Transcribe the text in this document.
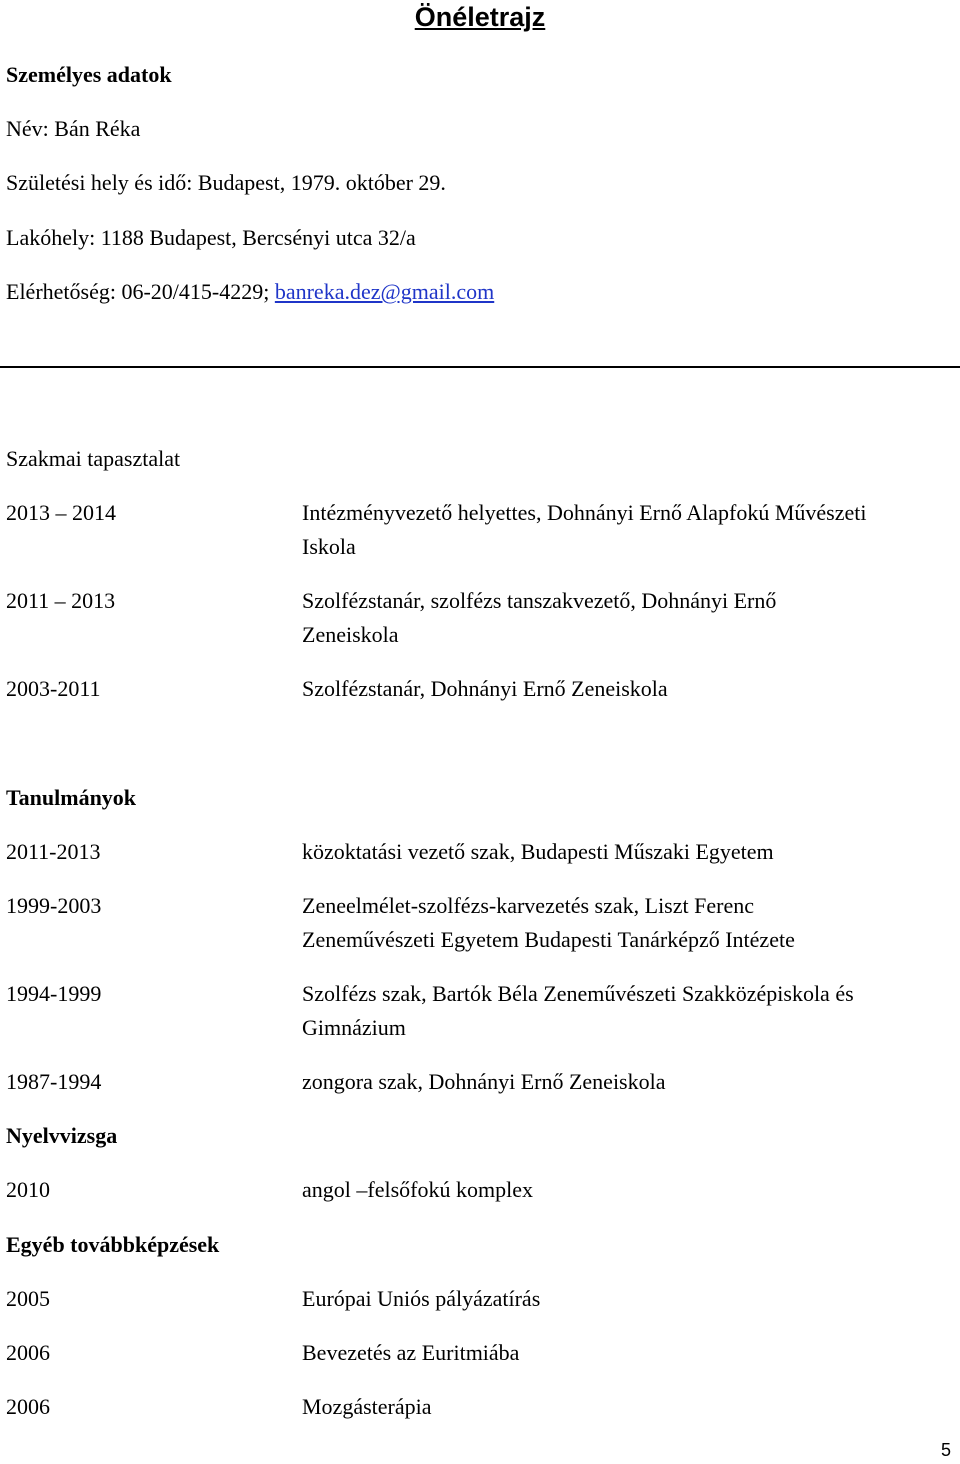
Önéletrajz
Személyes adatok
Név: Bán Réka
Születési hely és idő: Budapest, 1979. október 29.
Lakóhely: 1188 Budapest, Bercsényi utca 32/a
Elérhetőség: 06-20/415-4229; banreka.dez@gmail.com
Szakmai tapasztalat
2013 – 2014	Intézményvezető helyettes, Dohnányi Ernő Alapfokú Művészeti
Iskola
2011 – 2013	Szolfézstanár, szolfézs tanszakvezető, Dohnányi Ernő
Zeneiskola
2003-2011	Szolfézstanár, Dohnányi Ernő Zeneiskola
Tanulmányok
2011-2013	közoktatási vezető szak, Budapesti Műszaki Egyetem
1999-2003	Zeneelmélet-szolfézs-karvezetés szak, Liszt Ferenc
Zeneművészeti Egyetem Budapesti Tanárképző Intézete
1994-1999	Szolfézs szak, Bartók Béla Zeneművészeti Szakközépiskola és
Gimnázium
1987-1994	zongora szak, Dohnányi Ernő Zeneiskola
Nyelvvizsga
2010	angol –felsőfokú komplex
Egyéb továbbképzések
2005	Európai Uniós pályázatírás
2006	Bevezetés az Euritmiába
2006	Mozgásterápia
5
